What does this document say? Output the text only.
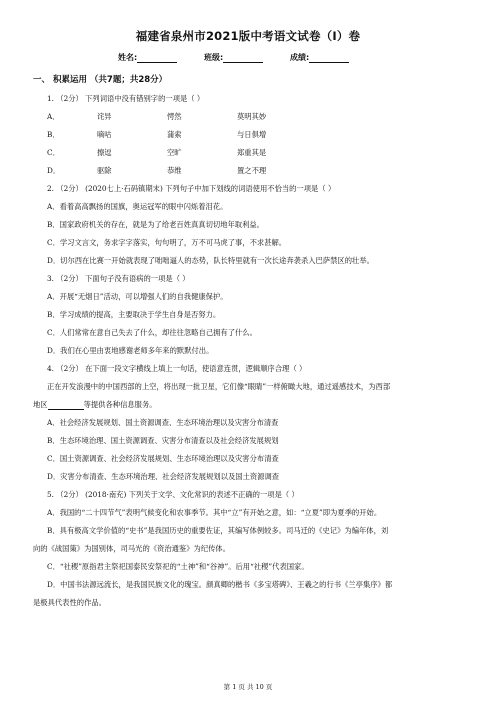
福建省泉州市2021版中考语文试卷（I）卷
姓名:	班级:	成绩:
一、 积累运用 （共7题；共28分）
1. （2分） 下列词语中没有错别字的一项是（ ）
A．	诧异	愕然	莫明其妙
B．	嘀咕	蒲索	与日俱增
C．	擦逗	空旷	郑重其是
D．	驱除	恭维	置之不理
2. （2分） (2020七上·石码镇期末) 下列句子中加下划线的词语使用不恰当的一项是（ ）
A．看着高高飘扬的国旗，奥运冠军的眼中闪烁着泪花。
B．国家政府机关的存在，就是为了给老百姓真真切切地年取利益。
C．学习文言文，务求字字落实，句句明了，万不可马虎了事，不求甚解。
D．切尔西在比赛一开始就表现了咄咄逼人的态势，队长特里就有一次长途奔袭杀入巴萨禁区的壮举。
3. （2分） 下面句子没有语病的一项是（ ）
A．开展“无烟日”活动，可以增强人们的自我健康保护。
B．学习成绩的提高，主要取决于学生自身是否努力。
C．人们常常在意自己失去了什么，却往往忽略自己拥有了什么。
D．我们在心里由衷地感谢老师多年来的默默付出。
4. （2分） 在下面一段文字横线上填上一句话，使语意连贯，逻辑顺序合理（ ）
正在开发浪漫中的中国西部的上空，将出现一批卫星，它们像“眼睛”一样俯瞰大地，通过遥感技术，为西部
地区	等提供各种信息服务。
A．社会经济发展规划、国土资源调查、生态环境治理以及灾害分布清查
B．生态环境治理、国土资源调查、灾害分布清查以及社会经济发展规划
C．国土资源调查、社会经济发展规划、生态环境治理以及灾害分布清查
D．灾害分布清查、生态环境治理、社会经济发展规划以及国土资源调查
5. （2分） (2018·南充) 下列关于文学、文化常识的表述不正确的一项是（ ）
A．我国的“二十四节气”表明气候变化和农事季节。其中“立”有开始之意，如：“立夏”即为夏季的开始。
B．具有极高文学价值的“史书”是我国历史的重要佐证，其编写体例较多。司马迁的《史记》为编年体，刘
向的《战国策》为国别体，司马光的《资治通鉴》为纪传体。
C．“社稷”原指君主祭祀国泰民安祭祀的“土神”和“谷神”。后用“社稷”代表国家。
D．中国书法源远流长，是我国民族文化的瑰宝。颜真卿的楷书《多宝塔碑》、王羲之的行书《兰亭集序》都
是极具代表性的作品。
第 1 页 共 10 页
